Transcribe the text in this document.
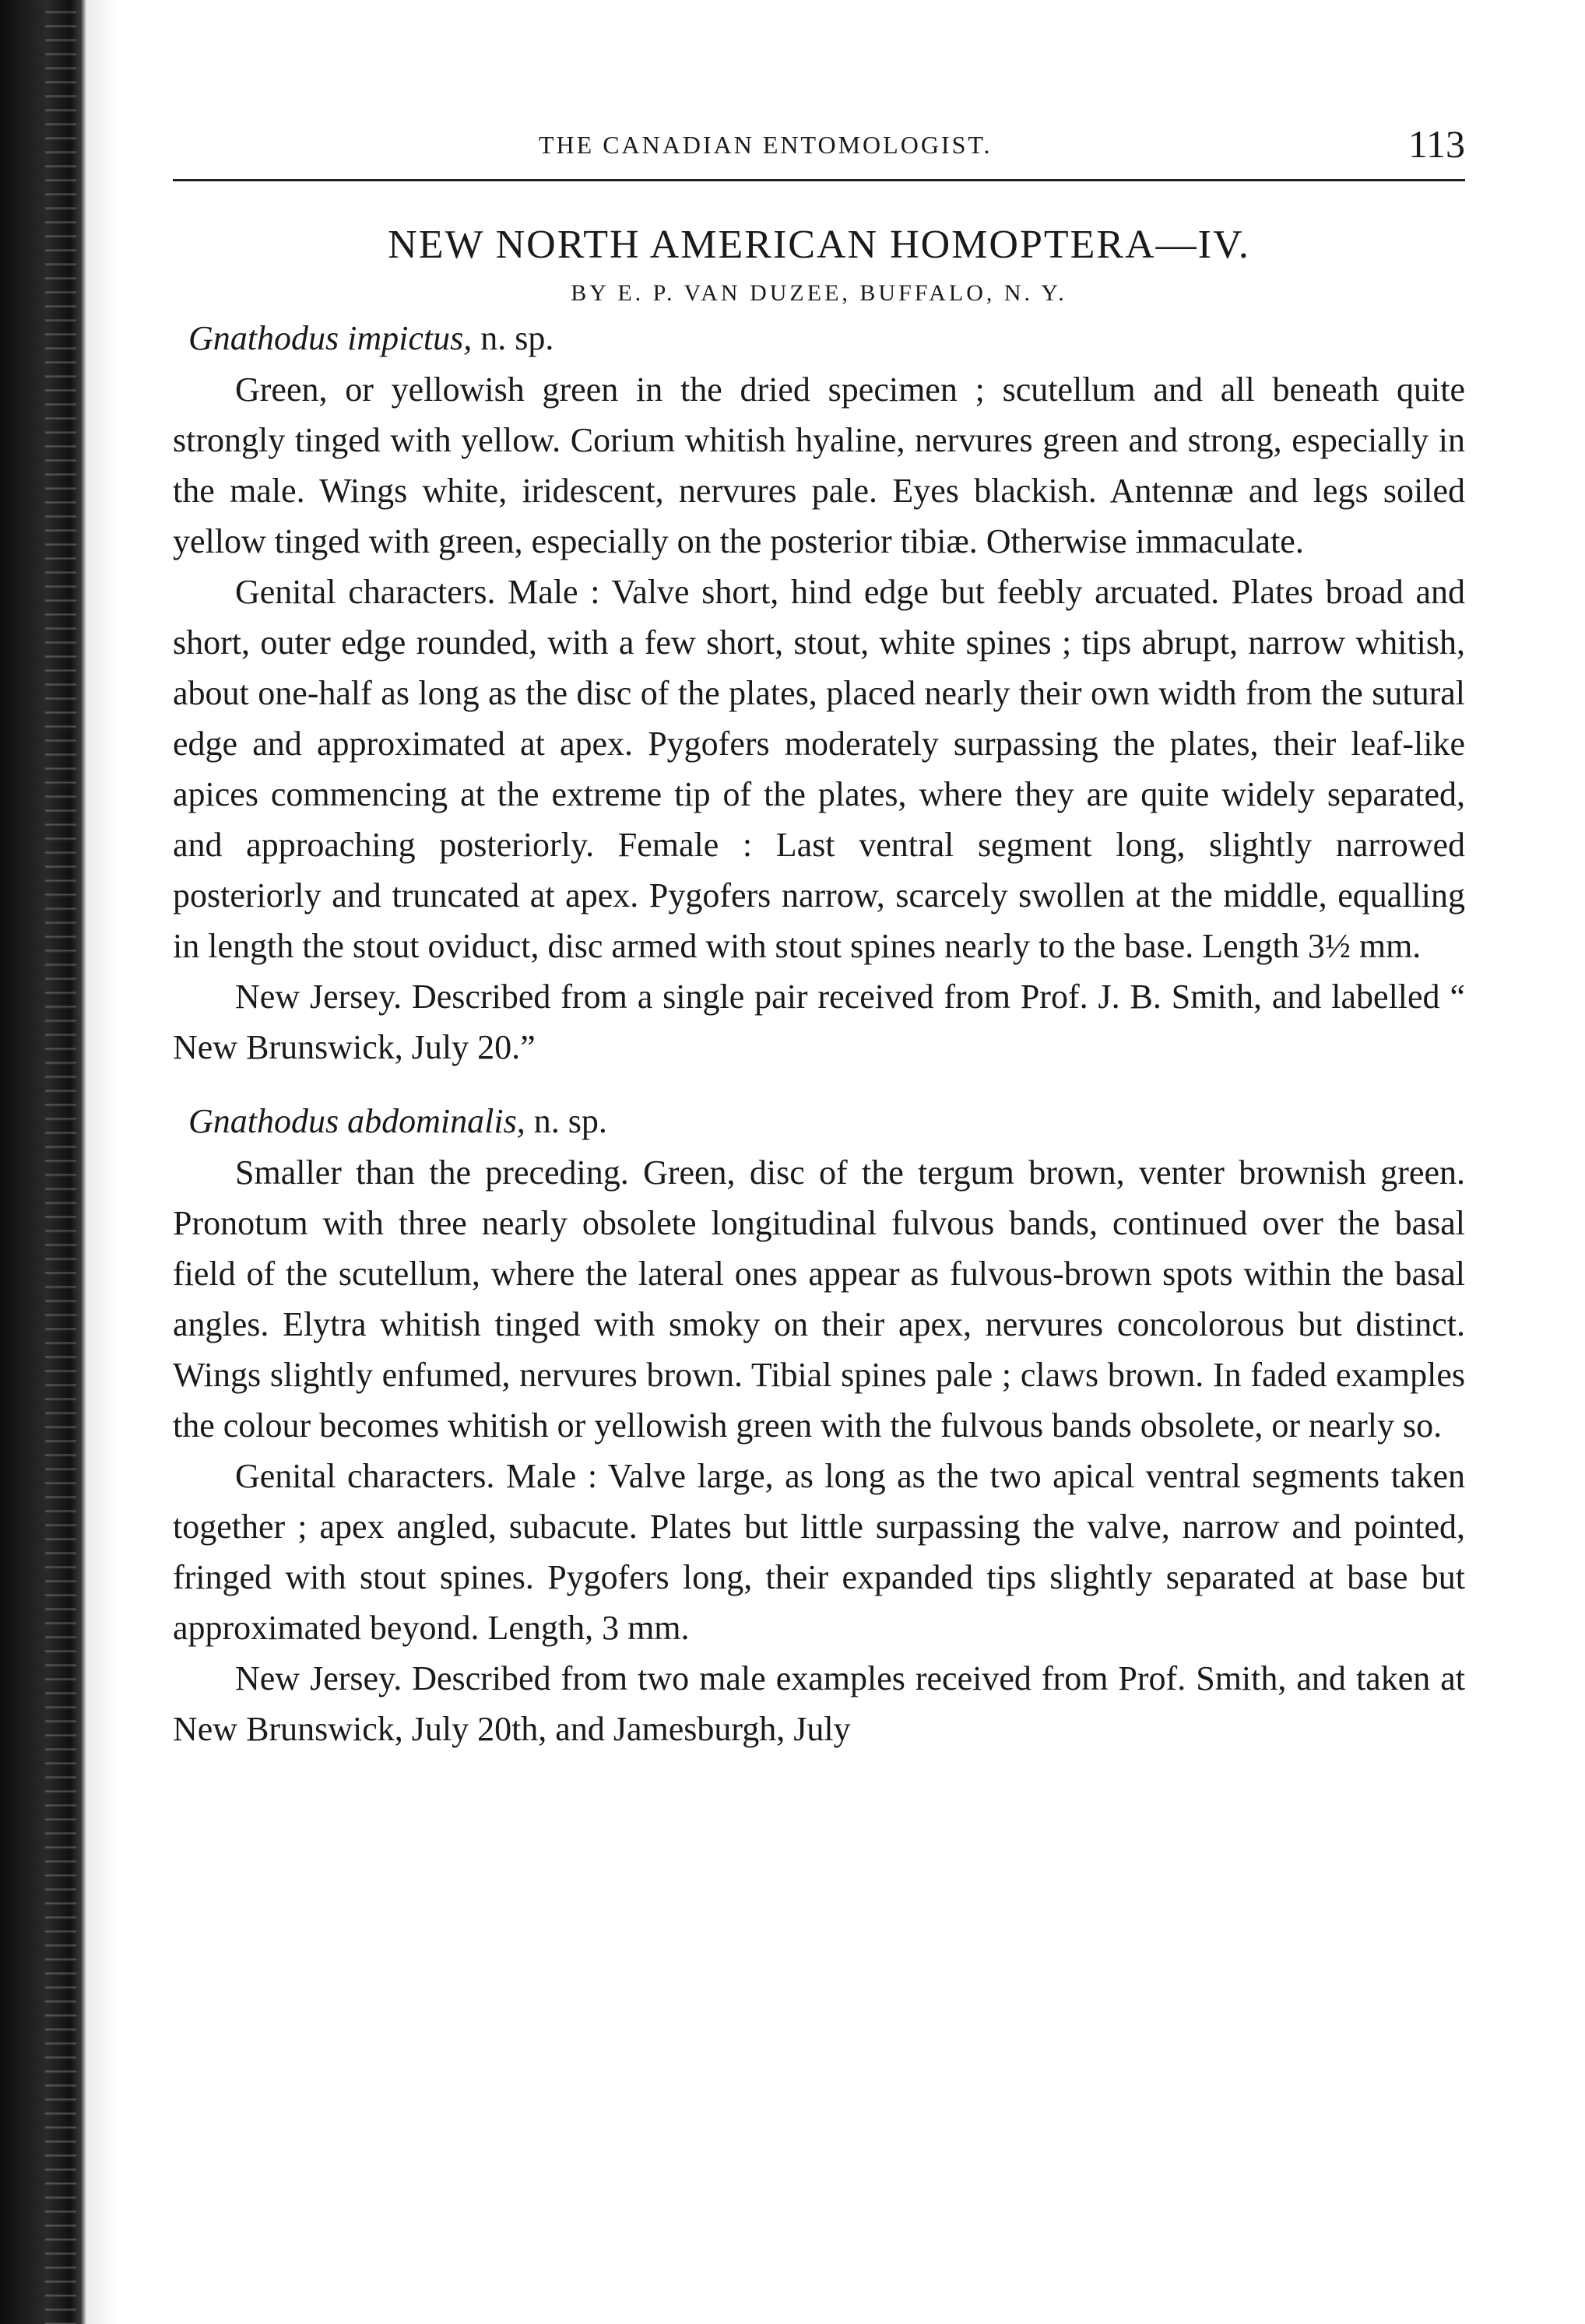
THE CANADIAN ENTOMOLOGIST.	113
NEW NORTH AMERICAN HOMOPTERA—IV.
BY E. P. VAN DUZEE, BUFFALO, N. Y.
Gnathodus impictus, n. sp.

Green, or yellowish green in the dried specimen ; scutellum and all beneath quite strongly tinged with yellow. Corium whitish hyaline, nervures green and strong, especially in the male. Wings white, iridescent, nervures pale. Eyes blackish. Antennæ and legs soiled yellow tinged with green, especially on the posterior tibiæ. Otherwise immaculate.

Genital characters. Male : Valve short, hind edge but feebly arcuated. Plates broad and short, outer edge rounded, with a few short, stout, white spines ; tips abrupt, narrow whitish, about one-half as long as the disc of the plates, placed nearly their own width from the sutural edge and approximated at apex. Pygofers moderately surpassing the plates, their leaf-like apices commencing at the extreme tip of the plates, where they are quite widely separated, and approaching posteriorly. Female : Last ventral segment long, slightly narrowed posteriorly and truncated at apex. Pygofers narrow, scarcely swollen at the middle, equalling in length the stout oviduct, disc armed with stout spines nearly to the base. Length 3½ mm.

New Jersey. Described from a single pair received from Prof. J. B. Smith, and labelled “ New Brunswick, July 20.”

Gnathodus abdominalis, n. sp.

Smaller than the preceding. Green, disc of the tergum brown, venter brownish green. Pronotum with three nearly obsolete longitudinal fulvous bands, continued over the basal field of the scutellum, where the lateral ones appear as fulvous-brown spots within the basal angles. Elytra whitish tinged with smoky on their apex, nervures concolorous but distinct. Wings slightly enfumed, nervures brown. Tibial spines pale ; claws brown. In faded examples the colour becomes whitish or yellowish green with the fulvous bands obsolete, or nearly so.

Genital characters. Male : Valve large, as long as the two apical ventral segments taken together ; apex angled, subacute. Plates but little surpassing the valve, narrow and pointed, fringed with stout spines. Pygofers long, their expanded tips slightly separated at base but approximated beyond. Length, 3 mm.

New Jersey. Described from two male examples received from Prof. Smith, and taken at New Brunswick, July 20th, and Jamesburgh, July
